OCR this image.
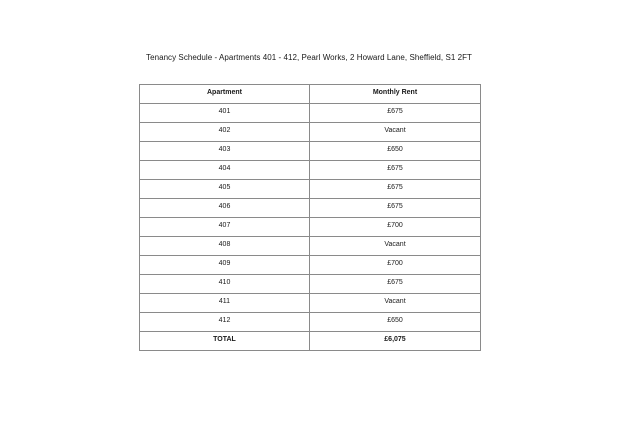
Tenancy Schedule - Apartments 401 - 412, Pearl Works, 2 Howard Lane, Sheffield, S1 2FT
Apartment	Monthly Rent
401	£675
402	Vacant
403	£650
404	£675
405	£675
406	£675
407	£700
408	Vacant
409	£700
410	£675
411	Vacant
412	£650
TOTAL	£6,075
